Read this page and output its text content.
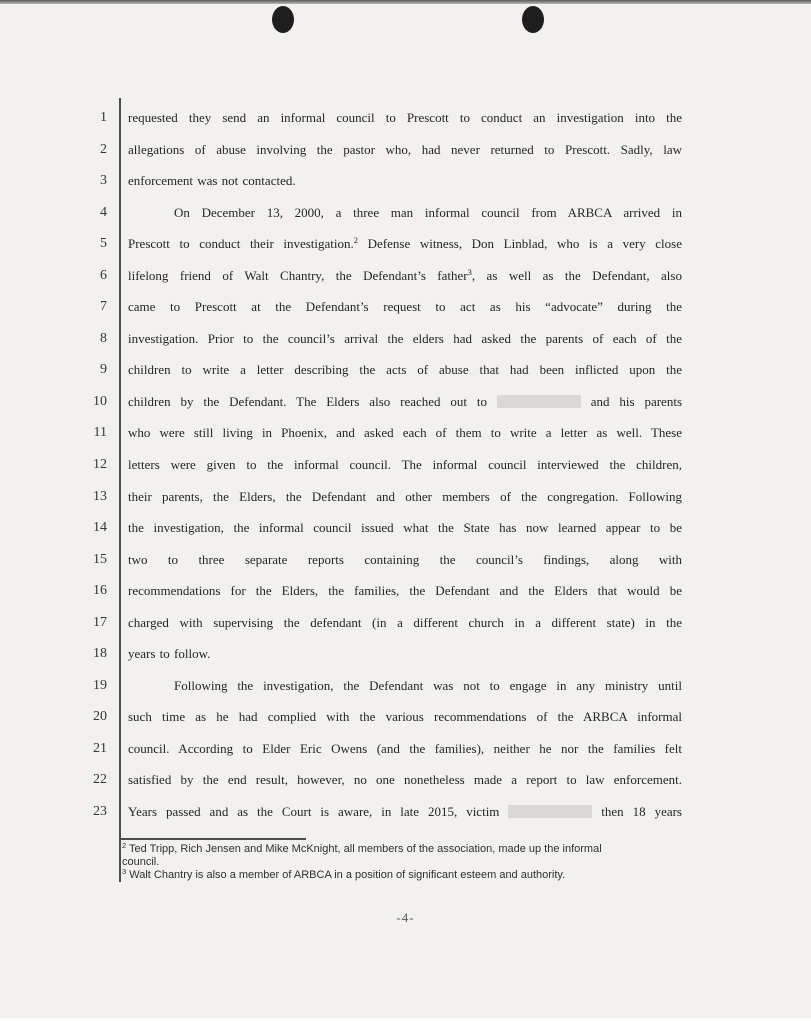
1 requested they send an informal council to Prescott to conduct an investigation into the
2 allegations of abuse involving the pastor who, had never returned to Prescott. Sadly, law
3 enforcement was not contacted.
4	On December 13, 2000, a three man informal council from ARBCA arrived in
5 Prescott to conduct their investigation.$^2$ Defense witness, Don Linblad, who is a very close
6 lifelong friend of Walt Chantry, the Defendant’s father$^3$, as well as the Defendant, also
7 came to Prescott at the Defendant’s request to act as his “advocate” during the
8 investigation. Prior to the council’s arrival the elders had asked the parents of each of the
9 children to write a letter describing the acts of abuse that had been inflicted upon the
10 children by the Defendant. The Elders also reached out to	and his parents
11 who were still living in Phoenix, and asked each of them to write a letter as well. These
12 letters were given to the informal council. The informal council interviewed the children,
13 their parents, the Elders, the Defendant and other members of the congregation. Following
14 the investigation, the informal council issued what the State has now learned appear to be
15 two to three separate reports containing the council’s findings, along with
16 recommendations for the Elders, the families, the Defendant and the Elders that would be
17 charged with supervising the defendant (in a different church in a different state) in the
18 years to follow.
19	Following the investigation, the Defendant was not to engage in any ministry until
20 such time as he had complied with the various recommendations of the ARBCA informal
21 council. According to Elder Eric Owens (and the families), neither he nor the families felt
22 satisfied by the end result, however, no one nonetheless made a report to law enforcement.
23 Years passed and as the Court is aware, in late 2015, victim	then 18 years
$^2$ Ted Tripp, Rich Jensen and Mike McKnight, all members of the association, made up the informal
council.
$^3$ Walt Chantry is also a member of ARBCA in a position of significant esteem and authority.
-4-
